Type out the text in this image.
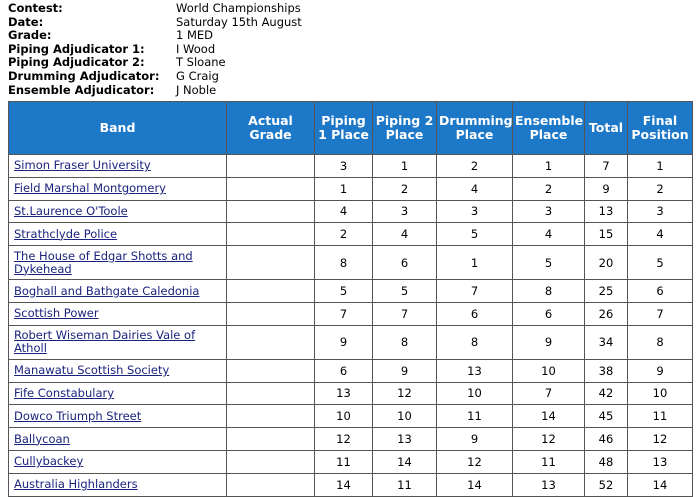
Contest:	World Championships
Date:	Saturday 15th August
Grade:	1 MED
Piping Adjudicator 1:	I Wood
Piping Adjudicator 2:	T Sloane
Drumming Adjudicator:	G Craig
Ensemble Adjudicator:	J Noble
Band	Actual Grade	Piping 1 Place	Piping 2 Place	Drumming Place	Ensemble Place	Total	Final Position
Simon Fraser University		3	1	2	1	7	1
Field Marshal Montgomery		1	2	4	2	9	2
St.Laurence O'Toole		4	3	3	3	13	3
Strathclyde Police		2	4	5	4	15	4
The House of Edgar Shotts and Dykehead		8	6	1	5	20	5
Boghall and Bathgate Caledonia		5	5	7	8	25	6
Scottish Power		7	7	6	6	26	7
Robert Wiseman Dairies Vale of Atholl		9	8	8	9	34	8
Manawatu Scottish Society		6	9	13	10	38	9
Fife Constabulary		13	12	10	7	42	10
Dowco Triumph Street		10	10	11	14	45	11
Ballycoan		12	13	9	12	46	12
Cullybackey		11	14	12	11	48	13
Australia Highlanders		14	11	14	13	52	14
